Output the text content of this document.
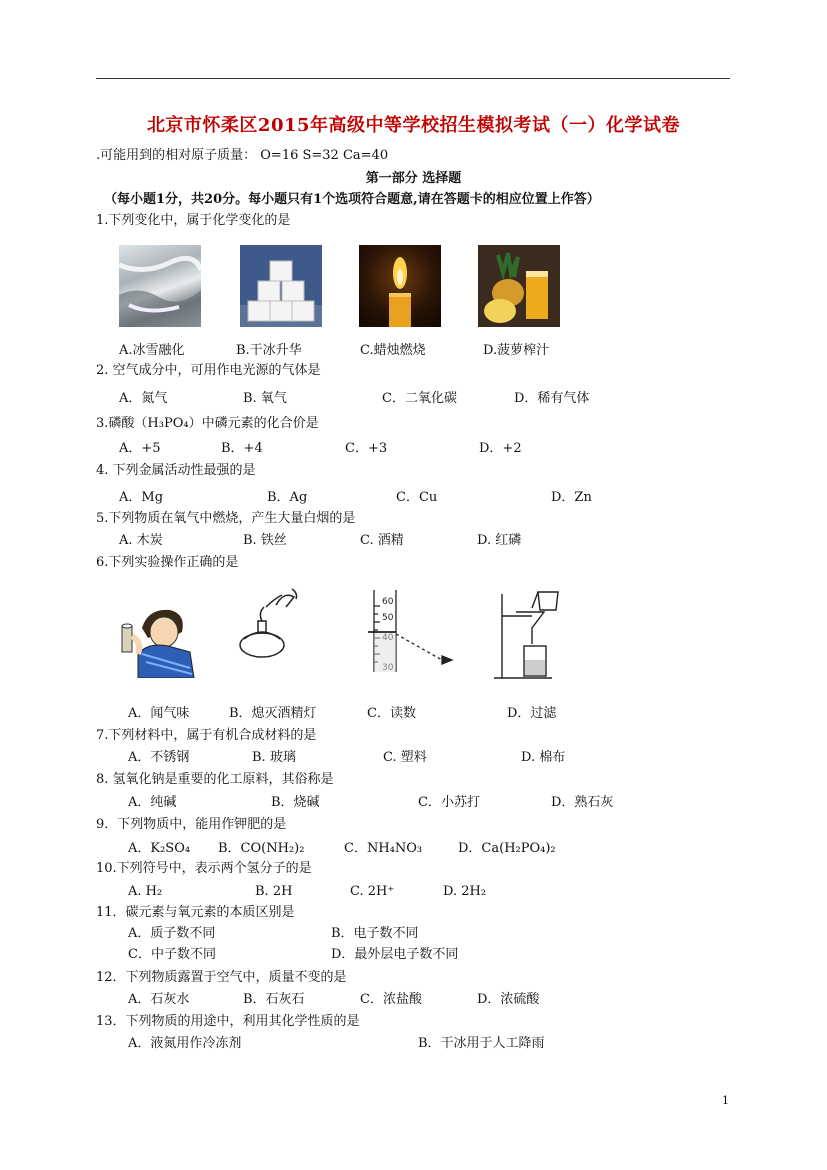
北京市怀柔区2015年高级中等学校招生模拟考试（一）化学试卷
.可能用到的相对原子质量： O=16 S=32 Ca=40
第一部分 选择题
（每小题1分，共20分。每小题只有1个选项符合题意,请在答题卡的相应位置上作答）
1.下列变化中，属于化学变化的是
A.冰雪融化	B.干冰升华	C.蜡烛燃烧	D.菠萝榨汁
2. 空气成分中，可用作电光源的气体是
A．氮气	B. 氧气	C．二氧化碳	D．稀有气体
3.磷酸（H₃PO₄）中磷元素的化合价是
A．+5	B．+4	C．+3	D．+2
4. 下列金属活动性最强的是
A．Mg	B．Ag	C．Cu	D．Zn
5.下列物质在氧气中燃烧，产生大量白烟的是
A. 木炭	B. 铁丝	C. 酒精	D. 红磷
6.下列实验操作正确的是
60
50
A．闻气味	B．熄灭酒精灯	C．读数	D．过滤
7.下列材料中，属于有机合成材料的是
A．不锈钢	B. 玻璃	C. 塑料	D. 棉布
8. 氢氧化钠是重要的化工原料，其俗称是
A．纯碱	B．烧碱	C．小苏打	D．熟石灰
9．下列物质中，能用作钾肥的是
A．K₂SO₄ B．CO(NH₂)₂	C．NH₄NO₃	D．Ca(H₂PO₄)₂
10.下列符号中，表示两个氢分子的是
A. H₂	B. 2H	C. 2H⁺	D. 2H₂
11．碳元素与氧元素的本质区别是
A．质子数不同	B．电子数不同
C．中子数不同	D．最外层电子数不同
12．下列物质露置于空气中，质量不变的是
A．石灰水	B．石灰石	C．浓盐酸	D．浓硫酸
13．下列物质的用途中，利用其化学性质的是
A．液氮用作冷冻剂	B．干冰用于人工降雨
1
